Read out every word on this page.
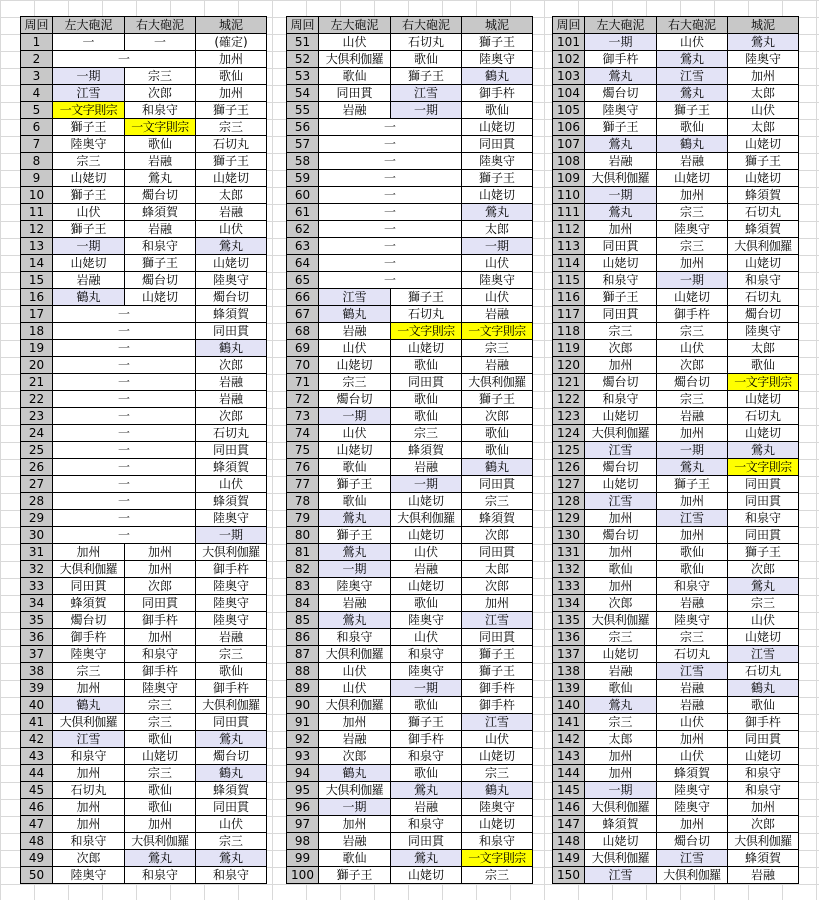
周回	左大砲泥	右大砲泥	城泥
1	一	一	(確定)
2	一		加州
3	一期	宗三	歌仙
4	江雪	次郎	加州
5	一文字則宗	和泉守	獅子王
6	獅子王	一文字則宗	宗三
7	陸奥守	歌仙	石切丸
8	宗三	岩融	獅子王
9	山姥切	鶯丸	山姥切
10	獅子王	燭台切	太郎
11	山伏	蜂須賀	岩融
12	獅子王	岩融	山伏
13	一期	和泉守	鶯丸
14	山姥切	獅子王	山姥切
15	岩融	燭台切	陸奥守
16	鶴丸	山姥切	燭台切
17	一		蜂須賀
18	一		同田貫
19	一		鶴丸
20	一		次郎
21	一		岩融
22	一		岩融
23	一		次郎
24	一		石切丸
25	一		同田貫
26	一		蜂須賀
27	一		山伏
28	一		蜂須賀
29	一		陸奥守
30	一		一期
31	加州	加州	大倶利伽羅
32	大倶利伽羅	加州	御手杵
33	同田貫	次郎	陸奥守
34	蜂須賀	同田貫	陸奥守
35	燭台切	御手杵	陸奥守
36	御手杵	加州	岩融
37	陸奥守	和泉守	宗三
38	宗三	御手杵	歌仙
39	加州	陸奥守	御手杵
40	鶴丸	宗三	大倶利伽羅
41	大倶利伽羅	宗三	同田貫
42	江雪	歌仙	鶯丸
43	和泉守	山姥切	燭台切
44	加州	宗三	鶴丸
45	石切丸	歌仙	蜂須賀
46	加州	歌仙	同田貫
47	加州	加州	山伏
48	和泉守	大倶利伽羅	宗三
49	次郎	鶯丸	鶯丸
50	陸奥守	和泉守	和泉守
周回	左大砲泥	右大砲泥	城泥
51	山伏	石切丸	獅子王
52	大倶利伽羅	歌仙	陸奥守
53	歌仙	獅子王	鶴丸
54	同田貫	江雪	御手杵
55	岩融	一期	歌仙
56	一		山姥切
57	一		同田貫
58	一		陸奥守
59	一		獅子王
60	一		山姥切
61	一		鶯丸
62	一		太郎
63	一		一期
64	一		山伏
65	一		陸奥守
66	江雪	獅子王	山伏
67	鶴丸	石切丸	岩融
68	岩融	一文字則宗	一文字則宗
69	山伏	山姥切	宗三
70	山姥切	歌仙	岩融
71	宗三	同田貫	大倶利伽羅
72	燭台切	歌仙	獅子王
73	一期	歌仙	次郎
74	山伏	宗三	歌仙
75	山姥切	蜂須賀	歌仙
76	歌仙	岩融	鶴丸
77	獅子王	一期	同田貫
78	歌仙	山姥切	宗三
79	鶯丸	大倶利伽羅	蜂須賀
80	獅子王	山姥切	次郎
81	鶯丸	山伏	同田貫
82	一期	岩融	太郎
83	陸奥守	山姥切	次郎
84	岩融	歌仙	加州
85	鶯丸	陸奥守	江雪
86	和泉守	山伏	同田貫
87	大倶利伽羅	和泉守	獅子王
88	山伏	陸奥守	獅子王
89	山伏	一期	御手杵
90	大倶利伽羅	歌仙	御手杵
91	加州	獅子王	江雪
92	岩融	御手杵	山伏
93	次郎	和泉守	山姥切
94	鶴丸	歌仙	宗三
95	大倶利伽羅	鶯丸	鶴丸
96	一期	岩融	陸奥守
97	加州	和泉守	山姥切
98	岩融	同田貫	和泉守
99	歌仙	鶯丸	一文字則宗
100	獅子王	山姥切	宗三
周回	左大砲泥	右大砲泥	城泥
101	一期	山伏	鶯丸
102	御手杵	鶯丸	陸奥守
103	鶯丸	江雪	加州
104	燭台切	鶯丸	太郎
105	陸奥守	獅子王	山伏
106	獅子王	歌仙	太郎
107	鶯丸	鶴丸	山姥切
108	岩融	岩融	獅子王
109	大倶利伽羅	山姥切	山姥切
110	一期	加州	蜂須賀
111	鶯丸	宗三	石切丸
112	加州	陸奥守	蜂須賀
113	同田貫	宗三	大倶利伽羅
114	山姥切	加州	山姥切
115	和泉守	一期	和泉守
116	獅子王	山姥切	石切丸
117	同田貫	御手杵	燭台切
118	宗三	宗三	陸奥守
119	次郎	山伏	太郎
120	加州	次郎	歌仙
121	燭台切	燭台切	一文字則宗
122	和泉守	宗三	山姥切
123	山姥切	岩融	石切丸
124	大倶利伽羅	加州	山姥切
125	江雪	一期	鶯丸
126	燭台切	鶯丸	一文字則宗
127	山姥切	獅子王	同田貫
128	江雪	加州	同田貫
129	加州	江雪	和泉守
130	燭台切	加州	同田貫
131	加州	歌仙	獅子王
132	歌仙	歌仙	次郎
133	加州	和泉守	鶯丸
134	次郎	岩融	宗三
135	大倶利伽羅	陸奥守	山伏
136	宗三	宗三	山姥切
137	山姥切	石切丸	江雪
138	岩融	江雪	石切丸
139	歌仙	岩融	鶴丸
140	鶯丸	岩融	歌仙
141	宗三	山伏	御手杵
142	太郎	加州	同田貫
143	加州	山伏	山姥切
144	加州	蜂須賀	和泉守
145	一期	陸奥守	和泉守
146	大倶利伽羅	陸奥守	加州
147	蜂須賀	加州	次郎
148	山姥切	燭台切	大倶利伽羅
149	大倶利伽羅	江雪	蜂須賀
150	江雪	大倶利伽羅	岩融
